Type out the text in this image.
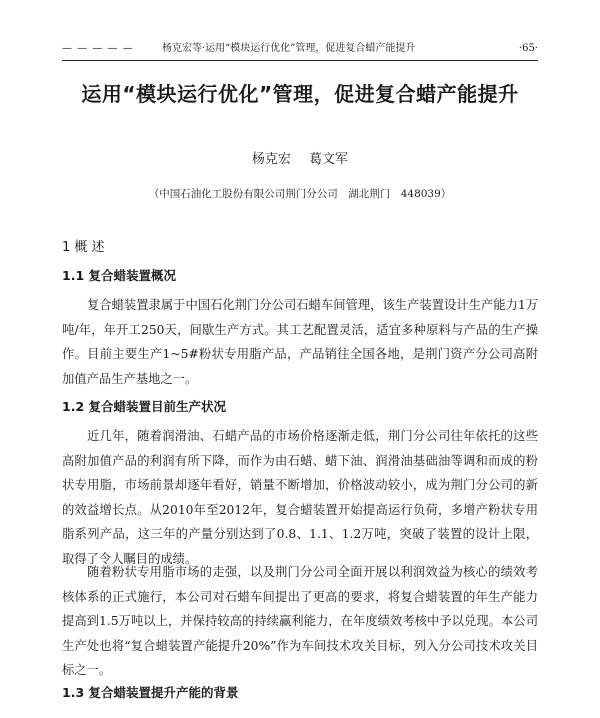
— — — — —	杨克宏等·运用“模块运行优化”管理，促进复合蜡产能提升	·65·
运用“模块运行优化”管理，促进复合蜡产能提升
杨克宏 葛文军
（中国石油化工股份有限公司荆门分公司　湖北荆门　448039）
1 概 述
1.1 复合蜡装置概况

复合蜡装置隶属于中国石化荆门分公司石蜡车间管理，该生产装置设计生产能力1万吨/年，年开工250天，间歇生产方式。其工艺配置灵活，适宜多种原料与产品的生产操作。目前主要生产1~5#粉状专用脂产品，产品销往全国各地，是荆门资产分公司高附加值产品生产基地之一。

1.2 复合蜡装置目前生产状况

近几年，随着润滑油、石蜡产品的市场价格逐渐走低，荆门分公司往年依托的这些高附加值产品的利润有所下降，而作为由石蜡、蜡下油、润滑油基础油等调和而成的粉状专用脂，市场前景却逐年看好，销量不断增加，价格波动较小，成为荆门分公司的新的效益增长点。从2010年至2012年，复合蜡装置开始提高运行负荷，多增产粉状专用脂系列产品，这三年的产量分别达到了0.8、1.1、1.2万吨，突破了装置的设计上限，取得了令人瞩目的成绩。

随着粉状专用脂市场的走强，以及荆门分公司全面开展以利润效益为核心的绩效考核体系的正式施行，本公司对石蜡车间提出了更高的要求，将复合蜡装置的年生产能力提高到1.5万吨以上，并保持较高的持续赢利能力，在年度绩效考核中予以兑现。本公司生产处也将“复合蜡装置产能提升20%”作为车间技术攻关目标，列入分公司技术攻关目标之一。

1.3 复合蜡装置提升产能的背景
